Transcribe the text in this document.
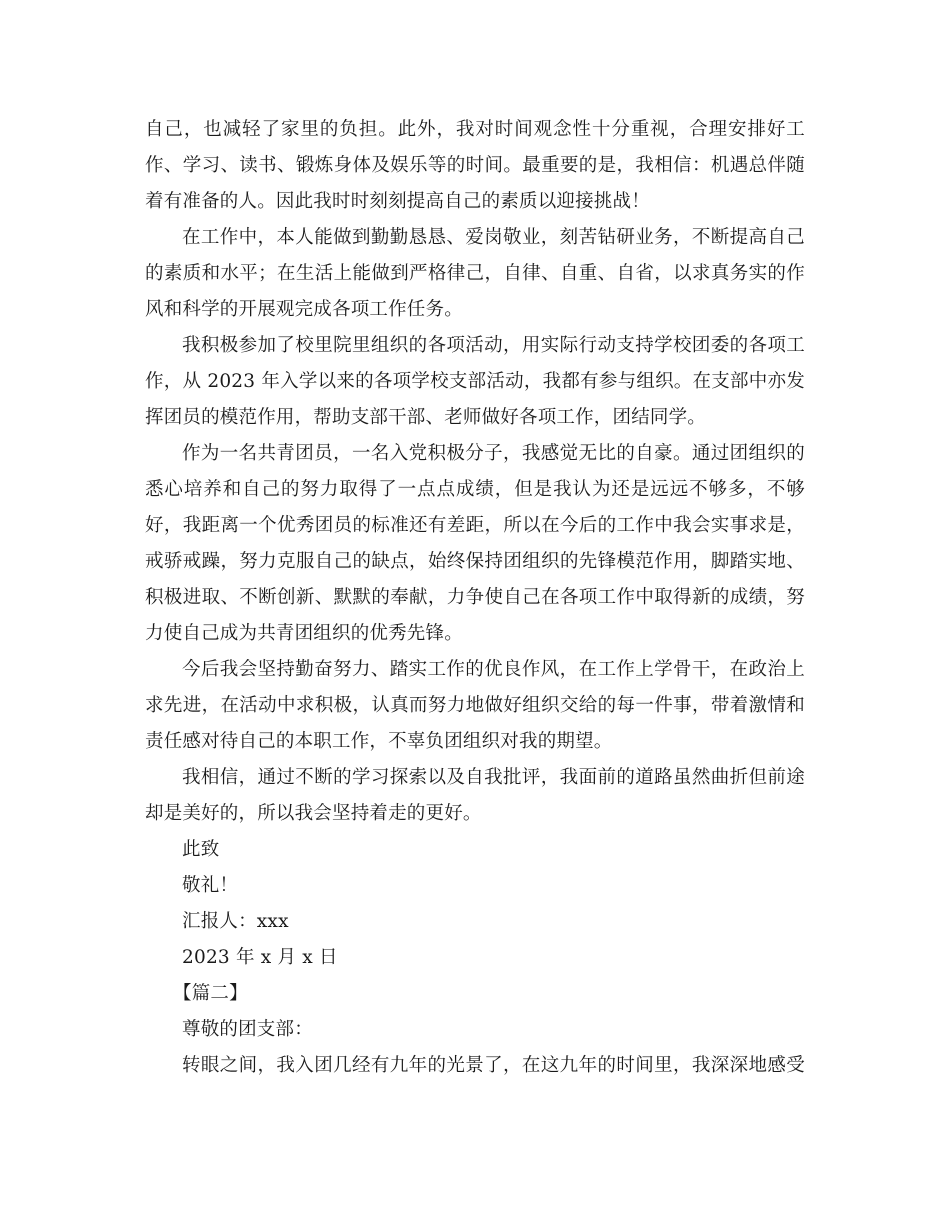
自己，也减轻了家里的负担。此外，我对时间观念性十分重视，合理安排好工
作、学习、读书、锻炼身体及娱乐等的时间。最重要的是，我相信：机遇总伴随
着有准备的人。因此我时时刻刻提高自己的素质以迎接挑战！
在工作中，本人能做到勤勤恳恳、爱岗敬业，刻苦钻研业务，不断提高自己
的素质和水平；在生活上能做到严格律己，自律、自重、自省，以求真务实的作
风和科学的开展观完成各项工作任务。
我积极参加了校里院里组织的各项活动，用实际行动支持学校团委的各项工
作，从 2023 年入学以来的各项学校支部活动，我都有参与组织。在支部中亦发
挥团员的模范作用，帮助支部干部、老师做好各项工作，团结同学。
作为一名共青团员，一名入党积极分子，我感觉无比的自豪。通过团组织的
悉心培养和自己的努力取得了一点点成绩，但是我认为还是远远不够多，不够
好，我距离一个优秀团员的标准还有差距，所以在今后的工作中我会实事求是，
戒骄戒躁，努力克服自己的缺点，始终保持团组织的先锋模范作用，脚踏实地、
积极进取、不断创新、默默的奉献，力争使自己在各项工作中取得新的成绩，努
力使自己成为共青团组织的优秀先锋。
今后我会坚持勤奋努力、踏实工作的优良作风，在工作上学骨干，在政治上
求先进，在活动中求积极，认真而努力地做好组织交给的每一件事，带着激情和
责任感对待自己的本职工作，不辜负团组织对我的期望。
我相信，通过不断的学习探索以及自我批评，我面前的道路虽然曲折但前途
却是美好的，所以我会坚持着走的更好。
此致
敬礼！
汇报人：xxx
2023 年 x 月 x 日
【篇二】
尊敬的团支部：
转眼之间，我入团几经有九年的光景了，在这九年的时间里，我深深地感受
